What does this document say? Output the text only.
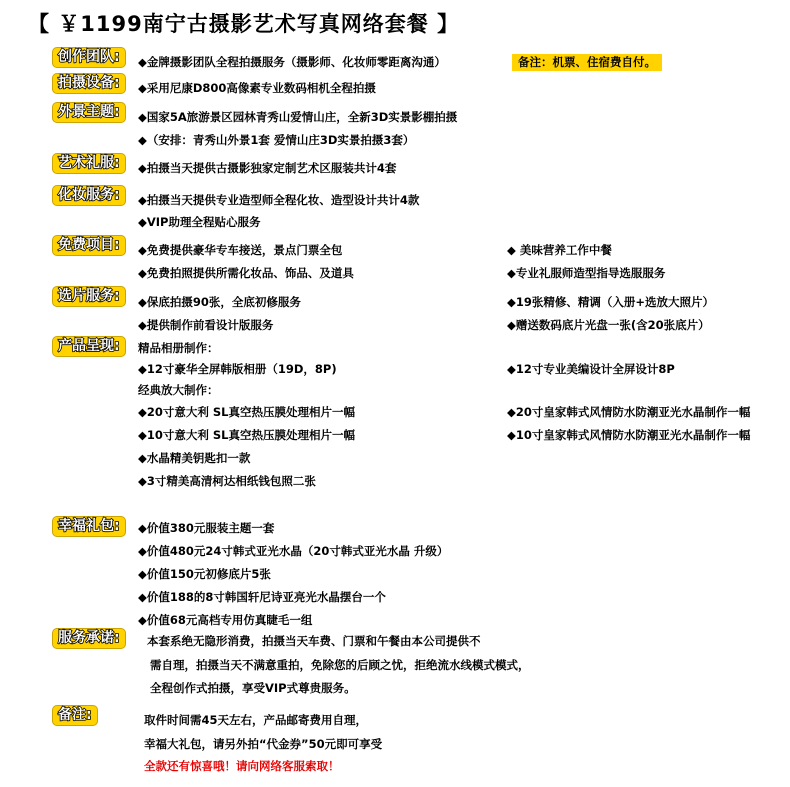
【 ￥1199南宁古摄影艺术写真网络套餐 】
创作团队:	◆金牌摄影团队全程拍摄服务（摄影师、化妆师零距离沟通）	备注：机票、住宿费自付。
拍摄设备:	◆采用尼康D800高像素专业数码相机全程拍摄
外景主题:	◆国家5A旅游景区园林青秀山爱情山庄，全新3D实景影棚拍摄
◆（安排：青秀山外景1套 爱情山庄3D实景拍摄3套）
艺术礼服:	◆拍摄当天提供古摄影独家定制艺术区服装共计4套
化妆服务:	◆拍摄当天提供专业造型师全程化妆、造型设计共计4款
◆VIP助理全程贴心服务
免费项目:	◆免费提供豪华专车接送，景点门票全包	◆ 美味营养工作中餐
◆免费拍照提供所需化妆品、饰品、及道具	◆专业礼服师造型指导选服服务
选片服务:	◆保底拍摄90张，全底初修服务	◆19张精修、精调（入册+选放大照片）
◆提供制作前看设计版服务	◆赠送数码底片光盘一张(含20张底片）
产品呈现:	精品相册制作：
◆12寸豪华全屏韩版相册（19D，8P)	◆12寸专业美编设计全屏设计8P
经典放大制作：
◆20寸意大利 SL真空热压膜处理相片一幅	◆20寸皇家韩式风情防水防潮亚光水晶制作一幅
◆10寸意大利 SL真空热压膜处理相片一幅	◆10寸皇家韩式风情防水防潮亚光水晶制作一幅
◆水晶精美钥匙扣一款
◆3寸精美高清柯达相纸钱包照二张
幸福礼包:	◆价值380元服装主题一套
◆价值480元24寸韩式亚光水晶（20寸韩式亚光水晶 升级）
◆价值150元初修底片5张
◆价值188的8寸韩国轩尼诗亚亮光水晶摆台一个
◆价值68元高档专用仿真睫毛一组
服务承诺:	本套系绝无隐形消费，拍摄当天车费、门票和午餐由本公司提供不
需自理，拍摄当天不满意重拍，免除您的后顾之忧，拒绝流水线模式模式，
全程创作式拍摄，享受VIP式尊贵服务。
备注:	取件时间需45天左右，产品邮寄费用自理，
幸福大礼包，请另外拍“代金券”50元即可享受
全款还有惊喜哦！请向网络客服索取！
